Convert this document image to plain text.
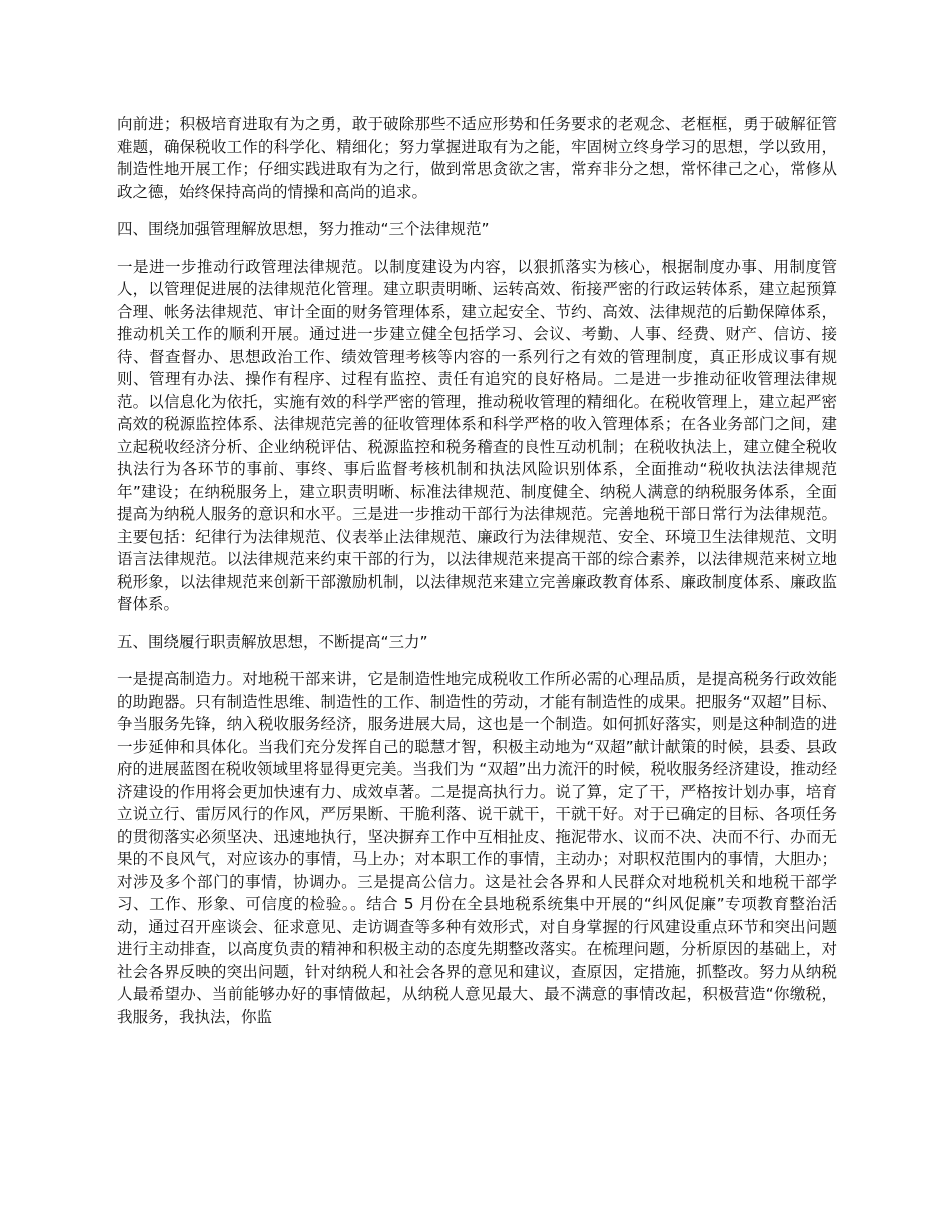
向前进；积极培育进取有为之勇，敢于破除那些不适应形势和任务要求的老观念、老框框，勇于破解征管难题，确保税收工作的科学化、精细化；努力掌握进取有为之能，牢固树立终身学习的思想，学以致用，制造性地开展工作；仔细实践进取有为之行，做到常思贪欲之害，常弃非分之想，常怀律己之心，常修从政之德，始终保持高尚的情操和高尚的追求。

四、围绕加强管理解放思想，努力推动“三个法律规范”

一是进一步推动行政管理法律规范。以制度建设为内容，以狠抓落实为核心，根据制度办事、用制度管人，以管理促进展的法律规范化管理。建立职责明晰、运转高效、衔接严密的行政运转体系，建立起预算合理、帐务法律规范、审计全面的财务管理体系，建立起安全、节约、高效、法律规范的后勤保障体系，推动机关工作的顺利开展。通过进一步建立健全包括学习、会议、考勤、人事、经费、财产、信访、接待、督查督办、思想政治工作、绩效管理考核等内容的一系列行之有效的管理制度，真正形成议事有规则、管理有办法、操作有程序、过程有监控、责任有追究的良好格局。二是进一步推动征收管理法律规范。以信息化为依托，实施有效的科学严密的管理，推动税收管理的精细化。在税收管理上，建立起严密高效的税源监控体系、法律规范完善的征收管理体系和科学严格的收入管理体系；在各业务部门之间，建立起税收经济分析、企业纳税评估、税源监控和税务稽查的良性互动机制；在税收执法上，建立健全税收执法行为各环节的事前、事终、事后监督考核机制和执法风险识别体系，全面推动“税收执法法律规范年”建设；在纳税服务上，建立职责明晰、标准法律规范、制度健全、纳税人满意的纳税服务体系，全面提高为纳税人服务的意识和水平。三是进一步推动干部行为法律规范。完善地税干部日常行为法律规范。主要包括：纪律行为法律规范、仪表举止法律规范、廉政行为法律规范、安全、环境卫生法律规范、文明语言法律规范。以法律规范来约束干部的行为，以法律规范来提高干部的综合素养，以法律规范来树立地税形象，以法律规范来创新干部激励机制，以法律规范来建立完善廉政教育体系、廉政制度体系、廉政监督体系。

五、围绕履行职责解放思想，不断提高“三力”

一是提高制造力。对地税干部来讲，它是制造性地完成税收工作所必需的心理品质，是提高税务行政效能的助跑器。只有制造性思维、制造性的工作、制造性的劳动，才能有制造性的成果。把服务“双超”目标、争当服务先锋，纳入税收服务经济，服务进展大局，这也是一个制造。如何抓好落实，则是这种制造的进一步延伸和具体化。当我们充分发挥自己的聪慧才智，积极主动地为“双超”献计献策的时候，县委、县政府的进展蓝图在税收领域里将显得更完美。当我们为 “双超”出力流汗的时候，税收服务经济建设，推动经济建设的作用将会更加快速有力、成效卓著。二是提高执行力。说了算，定了干，严格按计划办事，培育立说立行、雷厉风行的作风，严厉果断、干脆利落、说干就干，干就干好。对于已确定的目标、各项任务的贯彻落实必须坚决、迅速地执行，坚决摒弃工作中互相扯皮、拖泥带水、议而不决、决而不行、办而无果的不良风气，对应该办的事情，马上办；对本职工作的事情，主动办；对职权范围内的事情，大胆办；对涉及多个部门的事情，协调办。三是提高公信力。这是社会各界和人民群众对地税机关和地税干部学习、工作、形象、可信度的检验。。结合 5 月份在全县地税系统集中开展的“纠风促廉”专项教育整治活动，通过召开座谈会、征求意见、走访调查等多种有效形式，对自身掌握的行风建设重点环节和突出问题进行主动排查，以高度负责的精神和积极主动的态度先期整改落实。在梳理问题，分析原因的基础上，对社会各界反映的突出问题，针对纳税人和社会各界的意见和建议，查原因，定措施，抓整改。努力从纳税人最希望办、当前能够办好的事情做起，从纳税人意见最大、最不满意的事情改起，积极营造“你缴税，我服务，我执法，你监
